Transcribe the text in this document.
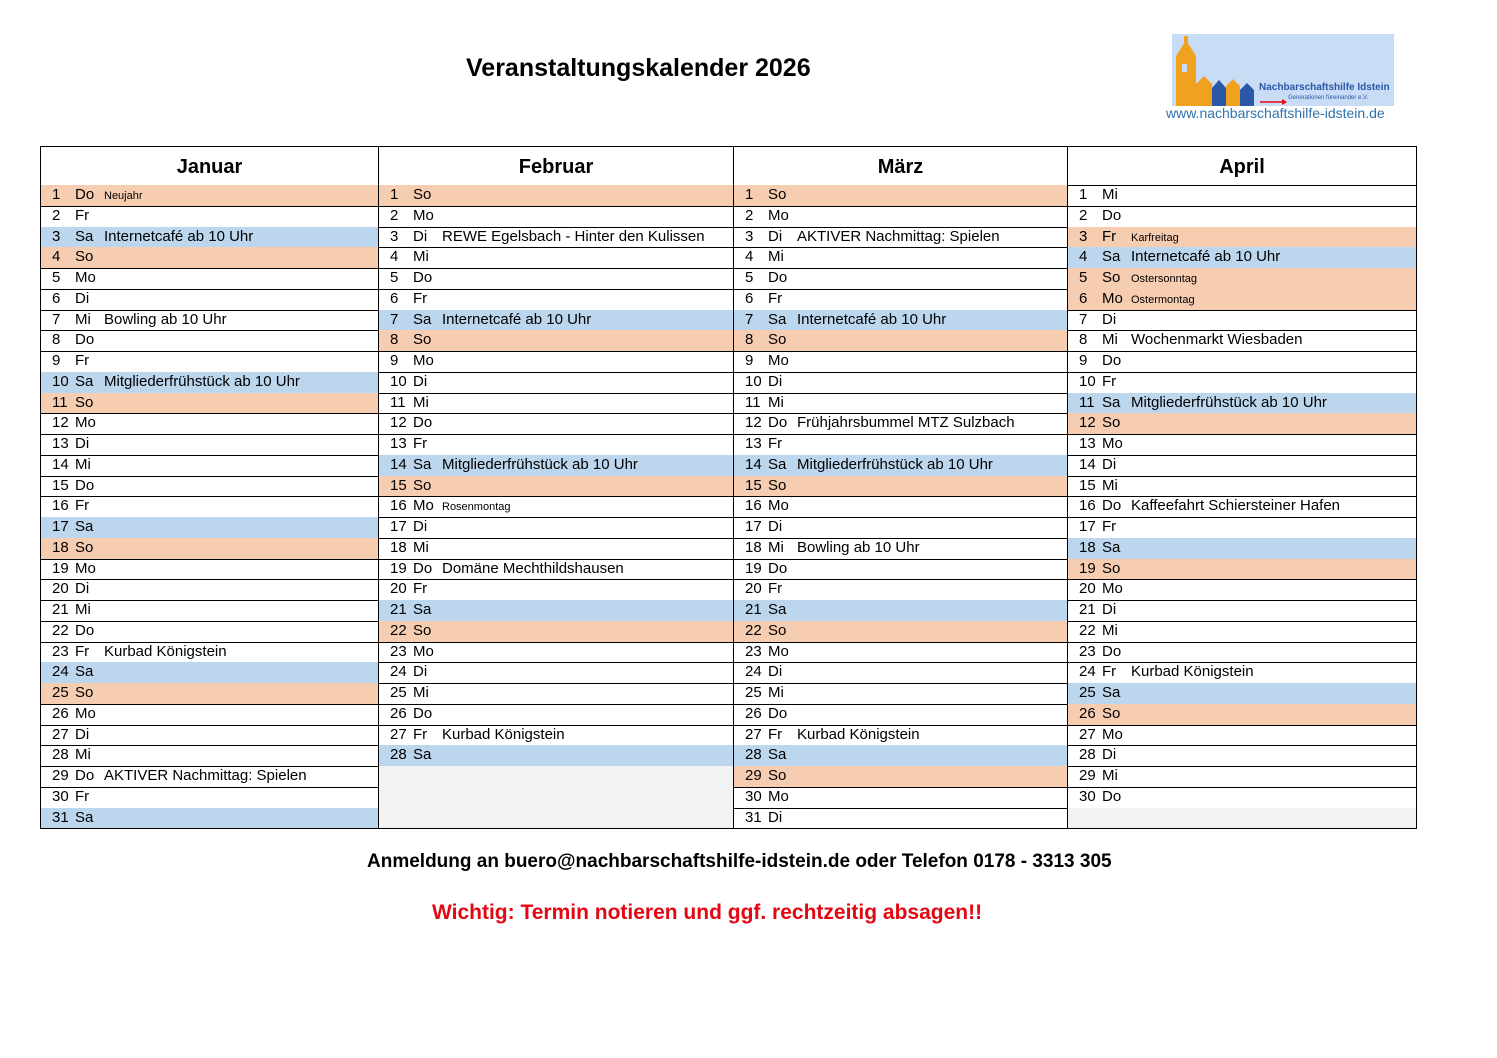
Veranstaltungskalender 2026
Nachbarschaftshilfe Idstein
Generationen füreinander e.V.
www.nachbarschaftshilfe-idstein.de
Januar
1 Do Neujahr
2 Fr
3 Sa Internetcafé ab 10 Uhr
4 So
5 Mo
6 Di
7 Mi Bowling ab 10 Uhr
8 Do
9 Fr
10 Sa Mitgliederfrühstück ab 10 Uhr
11 So
12 Mo
13 Di
14 Mi
15 Do
16 Fr
17 Sa
18 So
19 Mo
20 Di
21 Mi
22 Do
23 Fr Kurbad Königstein
24 Sa
25 So
26 Mo
27 Di
28 Mi
29 Do AKTIVER Nachmittag: Spielen
30 Fr
31 Sa
Februar
1 So
2 Mo
3 Di REWE Egelsbach - Hinter den Kulissen
4 Mi
5 Do
6 Fr
7 Sa Internetcafé ab 10 Uhr
8 So
9 Mo
10 Di
11 Mi
12 Do
13 Fr
14 Sa Mitgliederfrühstück ab 10 Uhr
15 So
16 Mo Rosenmontag
17 Di
18 Mi
19 Do Domäne Mechthildshausen
20 Fr
21 Sa
22 So
23 Mo
24 Di
25 Mi
26 Do
27 Fr Kurbad Königstein
28 Sa
März
1 So
2 Mo
3 Di AKTIVER Nachmittag: Spielen
4 Mi
5 Do
6 Fr
7 Sa Internetcafé ab 10 Uhr
8 So
9 Mo
10 Di
11 Mi
12 Do Frühjahrsbummel MTZ Sulzbach
13 Fr
14 Sa Mitgliederfrühstück ab 10 Uhr
15 So
16 Mo
17 Di
18 Mi Bowling ab 10 Uhr
19 Do
20 Fr
21 Sa
22 So
23 Mo
24 Di
25 Mi
26 Do
27 Fr Kurbad Königstein
28 Sa
29 So
30 Mo
31 Di
April
1 Mi
2 Do
3 Fr Karfreitag
4 Sa Internetcafé ab 10 Uhr
5 So Ostersonntag
6 Mo Ostermontag
7 Di
8 Mi Wochenmarkt Wiesbaden
9 Do
10 Fr
11 Sa Mitgliederfrühstück ab 10 Uhr
12 So
13 Mo
14 Di
15 Mi
16 Do Kaffeefahrt Schiersteiner Hafen
17 Fr
18 Sa
19 So
20 Mo
21 Di
22 Mi
23 Do
24 Fr Kurbad Königstein
25 Sa
26 So
27 Mo
28 Di
29 Mi
30 Do
Anmeldung an buero@nachbarschaftshilfe-idstein.de oder Telefon 0178 - 3313 305
Wichtig: Termin notieren und ggf. rechtzeitig absagen!!
